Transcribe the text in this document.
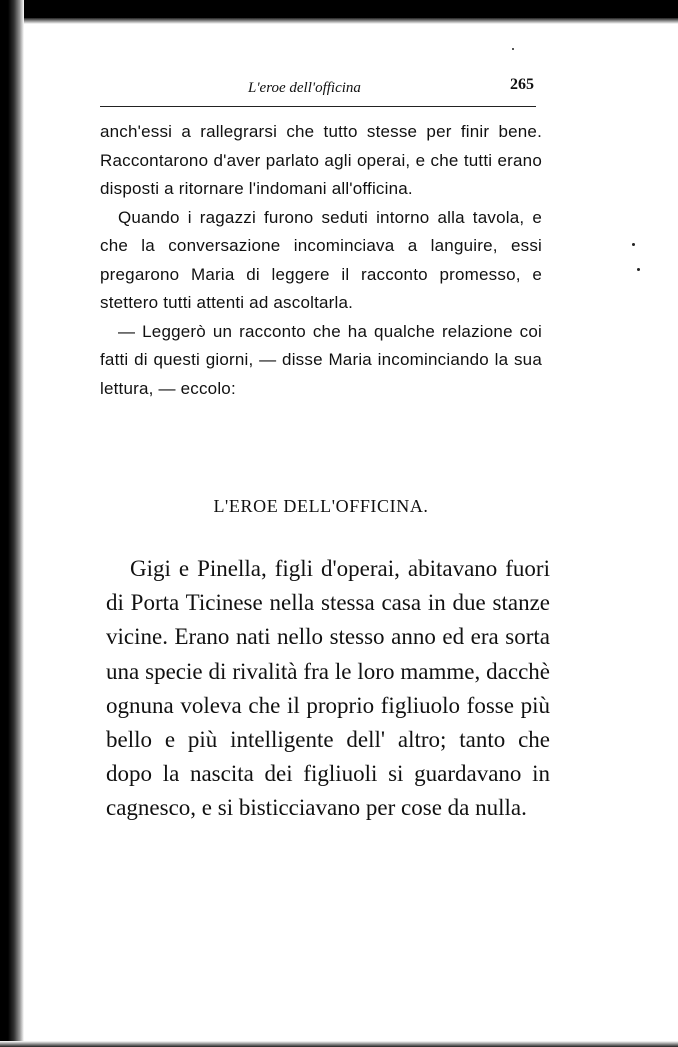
L'eroe dell'officina	265

anch'essi a rallegrarsi che tutto stesse per finir bene. Raccontarono d'aver parlato agli operai, e che tutti erano disposti a ritornare l'indomani all'officina.

Quando i ragazzi furono seduti intorno alla tavola, e che la conversazione incominciava a languire, essi pregarono Maria di leggere il racconto promesso, e stettero tutti attenti ad ascoltarla.

— Leggerò un racconto che ha qualche relazione coi fatti di questi giorni, — disse Maria incominciando la sua lettura, — eccolo:

L'EROE DELL'OFFICINA.

Gigi e Pinella, figli d'operai, abitavano fuori di Porta Ticinese nella stessa casa in due stanze vicine. Erano nati nello stesso anno ed era sorta una specie di rivalità fra le loro mamme, dacchè ognuna voleva che il proprio figliuolo fosse più bello e più intelligente dell' altro; tanto che dopo la nascita dei figliuoli si guardavano in cagnesco, e si bisticciavano per cose da nulla.
